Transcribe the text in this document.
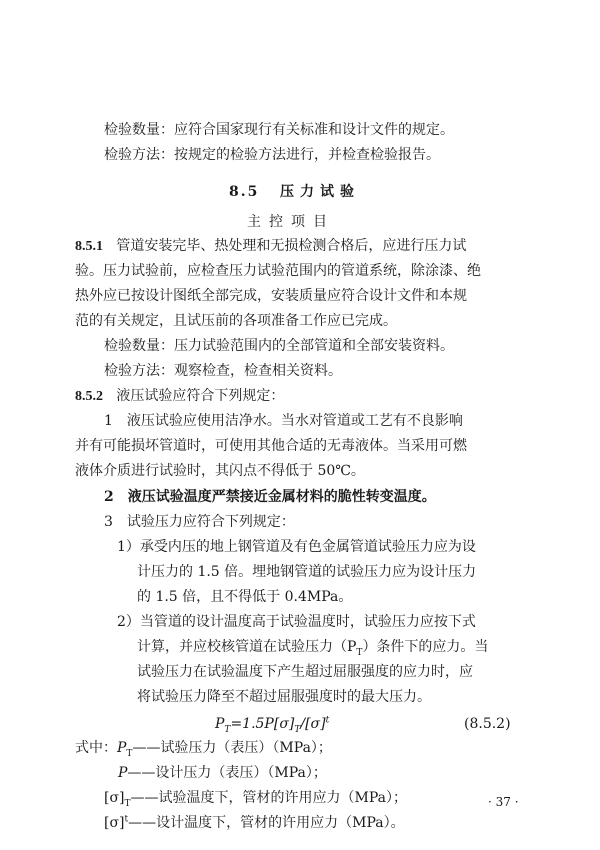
检验数量：应符合国家现行有关标准和设计文件的规定。
检验方法：按规定的检验方法进行，并检查检验报告。
8.5 压力试验
主控项目
8.5.1 管道安装完毕、热处理和无损检测合格后，应进行压力试
验。压力试验前，应检查压力试验范围内的管道系统，除涂漆、绝
热外应已按设计图纸全部完成，安装质量应符合设计文件和本规
范的有关规定，且试压前的各项准备工作应已完成。
检验数量：压力试验范围内的全部管道和全部安装资料。
检验方法：观察检查，检查相关资料。
8.5.2 液压试验应符合下列规定：
1　液压试验应使用洁净水。当水对管道或工艺有不良影响
并有可能损坏管道时，可使用其他合适的无毒液体。当采用可燃
液体介质进行试验时，其闪点不得低于 50℃。
2　液压试验温度严禁接近金属材料的脆性转变温度。
3　试验压力应符合下列规定：
1）承受内压的地上钢管道及有色金属管道试验压力应为设
计压力的 1.5 倍。埋地钢管道的试验压力应为设计压力
的 1.5 倍，且不得低于 0.4MPa。
2）当管道的设计温度高于试验温度时，试验压力应按下式
计算，并应校核管道在试验压力$(P_T)$条件下的应力。当
试验压力在试验温度下产生超过屈服强度的应力时，应
将试验压力降至不超过屈服强度时的最大压力。
$P_T=1.5P[\sigma]_T/[\sigma]^t$	(8.5.2)
式中：$P_T——$试验压力（表压）（MPa）；
P——设计压力（表压）（MPa）；
$[\sigma]_T——$试验温度下，管材的许用应力（MPa）；
$[\sigma]^t——$设计温度下，管材的许用应力（MPa）。
· 37 ·
